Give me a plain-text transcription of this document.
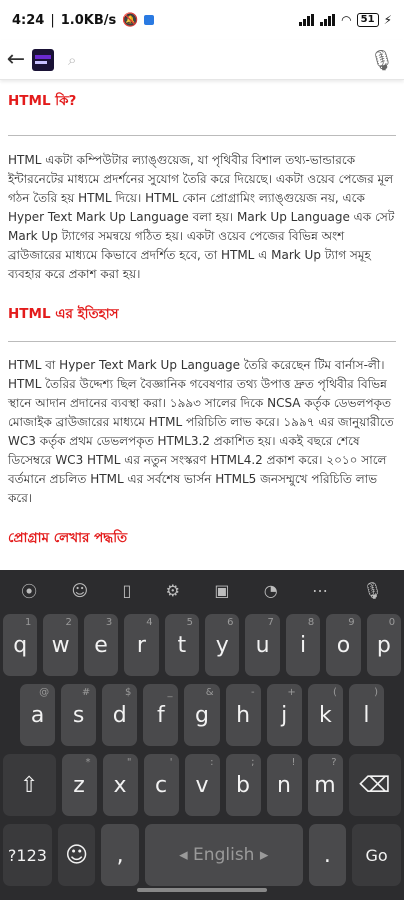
4:24 | 1.0KB/s 🔕	◠ 51 ⚡
←	⌕	🎙
HTML কি?
HTML একটা কম্পিউটার ল্যাঙ্গুয়েজ, যা পৃথিবীর বিশাল তথ্য-ভান্ডারকে ইন্টারনেটের মাধ্যমে প্রদর্শনের সুযোগ তৈরি করে দিয়েছে। একটা ওয়েব পেজের মূল গঠন তৈরি হয় HTML দিয়ে। HTML কোন প্রোগ্রামিং ল্যাঙ্গুয়েজ নয়, একে Hyper Text Mark Up Language বলা হয়। Mark Up Language এক সেট Mark Up ট্যাগের সমন্বয়ে গঠিত হয়। একটা ওয়েব পেজের বিভিন্ন অংশ ব্রাউজারের মাধ্যমে কিভাবে প্রদর্শিত হবে, তা HTML এ Mark Up ট্যাগ সমূহ ব্যবহার করে প্রকাশ করা হয়।
HTML এর ইতিহাস
HTML বা Hyper Text Mark Up Language তৈরি করেছেন টিম বার্নাস-লী। HTML তৈরির উদ্দেশ্য ছিল বৈজ্ঞানিক গবেষণার তথ্য উপাত্ত দ্রুত পৃথিবীর বিভিন্ন স্থানে আদান প্রদানের ব্যবস্থা করা। ১৯৯৩ সালের দিকে NCSA কর্তৃক ডেভলপকৃত মোজাইক ব্রাউজারের মাধ্যমে HTML পরিচিতি লাভ করে। ১৯৯৭ এর জানুয়ারীতে WC3 কর্তৃক প্রথম ডেভলপকৃত HTML3.2 প্রকাশিত হয়। একই বছরে শেষে ডিসেম্বরে WC3 HTML এর নতুন সংস্করণ HTML4.2 প্রকাশ করে। ২০১০ সালে বর্তমানে প্রচলিত HTML এর সর্বশেষ ভার্সন HTML5 জনসম্মুখে পরিচিতি লাভ করে।
প্রোগ্রাম লেখার পদ্ধতি
⦿ ☺ ▯ ⚙ ▣ ◔ ⋯ 🎙
q
1
w
2
e
3
r
4
t
5
y
6
u
7
i
8
o
9
p
0
a
@
s
#
d
$
f
_
g
&
h
-
j
+
k
(
l
)
⇧	z
*
x
"
c
'
v
:
b
;
n
!
m
?
⌫
?123 ☺	,	◂ English ▸	.	Go
